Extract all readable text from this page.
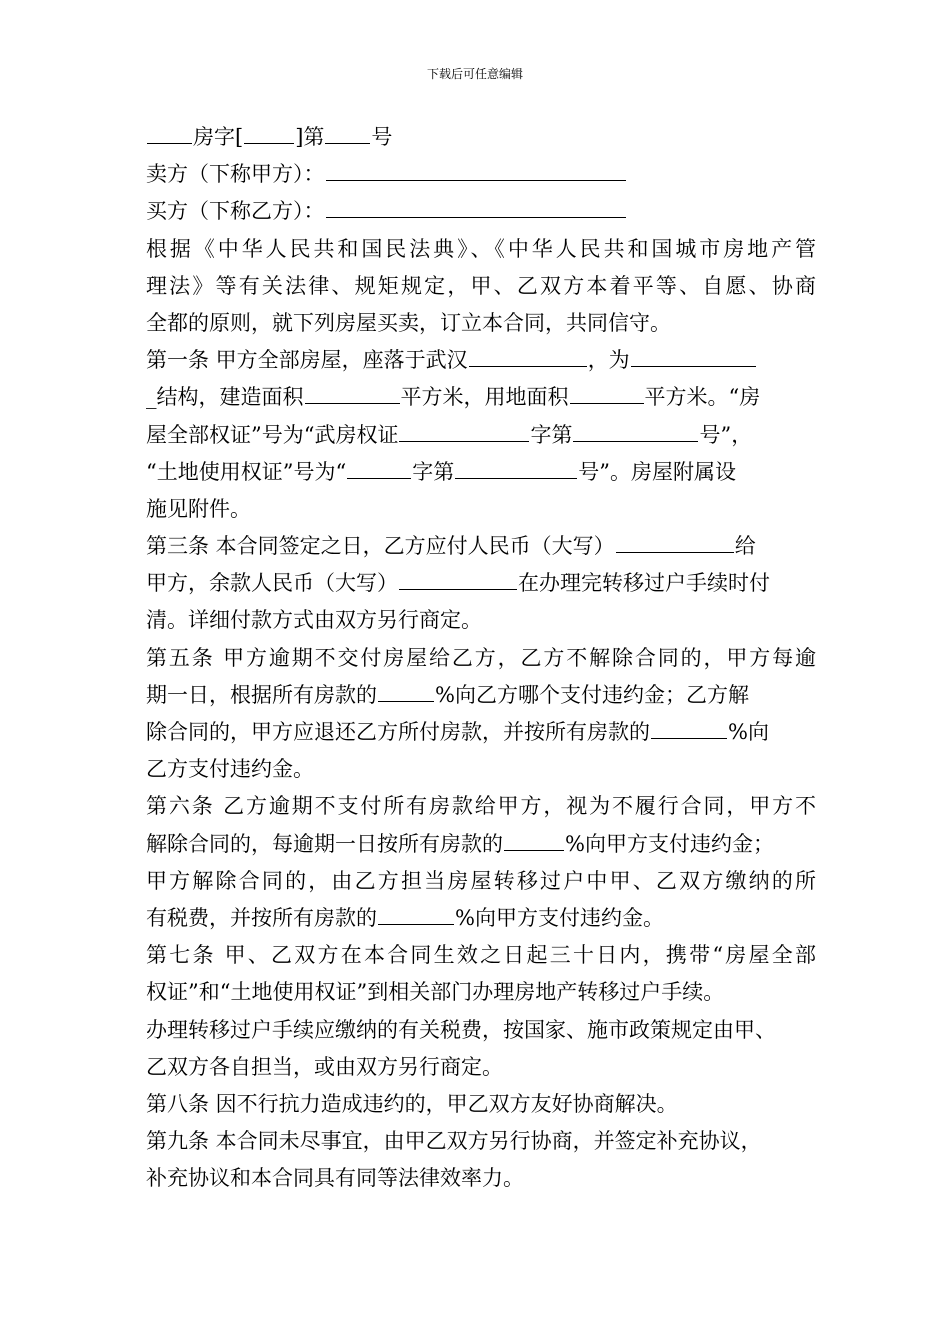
下载后可任意编辑
房字[ ]第 号
卖方（下称甲方）：
买方（下称乙方）：
根据《中华人民共和国民法典》、《中华人民共和国城市房地产管
理法》等有关法律、规矩规定，甲、乙双方本着平等、自愿、协商
全都的原则，就下列房屋买卖，订立本合同，共同信守。
第一条 甲方全部房屋，座落于武汉	，为
_结构，建造面积	平方米，用地面积	平方米。“房
屋全部权证”号为“武房权证	字第	号”，
“土地使用权证”号为“	字第	号”。房屋附属设
施见附件。
第三条 本合同签定之日，乙方应付人民币（大写）	给
甲方，余款人民币（大写）	在办理完转移过户手续时付
清。详细付款方式由双方另行商定。
第五条 甲方逾期不交付房屋给乙方，乙方不解除合同的，甲方每逾
期一日，根据所有房款的	%向乙方哪个支付违约金；乙方解
除合同的，甲方应退还乙方所付房款，并按所有房款的	%向
乙方支付违约金。
第六条 乙方逾期不支付所有房款给甲方，视为不履行合同，甲方不
解除合同的，每逾期一日按所有房款的	%向甲方支付违约金；
甲方解除合同的，由乙方担当房屋转移过户中甲、乙双方缴纳的所
有税费，并按所有房款的	%向甲方支付违约金。
第七条 甲、乙双方在本合同生效之日起三十日内，携带“房屋全部
权证”和“土地使用权证”到相关部门办理房地产转移过户手续。
办理转移过户手续应缴纳的有关税费，按国家、施市政策规定由甲、
乙双方各自担当，或由双方另行商定。
第八条 因不行抗力造成违约的，甲乙双方友好协商解决。
第九条 本合同未尽事宜，由甲乙双方另行协商，并签定补充协议，
补充协议和本合同具有同等法律效率力。
